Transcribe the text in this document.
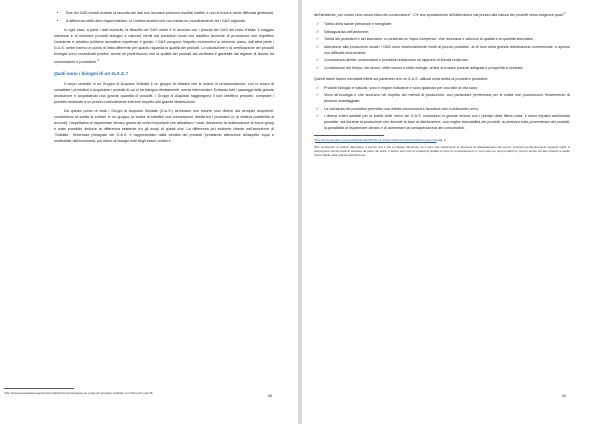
• Due dei GAS trovati durante la raccolta dei dati non lavorano più/sono risultati inattivi, e uno si trova in serie difficoltà gestionali;
• A differenza delle altre regioni italiane, in Umbria sembra che non esista un coordinamento tra i GAS regionali.

In ogni caso, a parte i dati numerici, la filosofia dei GAS umbri è in accordo con i principi dei GAS del resto d'Italia: il maggior interesse è di ricercare prodotti biologici e naturali, forniti dai produttori locali che adottino tecniche di produzione che rispettino l'ambiente e adottino politiche lavorative rispettose e giuste. I GAS pongono l'aspetto economico in secondo piano, dall'altra parte i G.A.S. umbri hanno un punto di vista differente per quanto riguarda la qualità dei prodotti. La valutazione e la certificazione dei prodotti biologici sono considerati positivi, anche se preferiscono che la qualità dei prodotti sia verificata e garantita dal legame di fiducia tra consumatore e produttore.$^1$

Quali sono i bisogni di un G.A.S.?

Il corpo centrale di un Gruppo di Acquisto Solidale è un gruppo di cittadini che si unisce in un'associazione, con lo scopo di contattare i produttori e acquistare i prodotti di cui si ha bisogno direttamente, senza intermediari. Evitando tutti i passaggi della grande produzione e acquistando una grande quantità di prodotti, i Gruppi di Acquisto raggiungono il loro obiettivo primario: comprare i prodotti necessari a un prezzo notevolmente inferiore rispetto alla grande distribuzione.

Da questo punto di vista i Gruppi di Acquisto Solidale (G.A.S.) sembrano non essere così diversi dai semplici acquirenti: condividono la scelta di entrare in un gruppo, la scelta di stabilire una connessione diretta tra i produttori (e la relativa possibilità di accordi), l'aspettativa di risparmiare denaro grazie ad ordini importanti che abbattano i costi. Attraverso la realizzazione di focus group è stato possibile dedurre la differenza esistente tra gli scopi di questi due. La differenza più evidente risiede nell'accezione di "Solidale", l'interesse principale dei G.A.S. è rappresentato dalla vendita dei prodotti "prestando attenzione all'aspetto equo e sostenibile dell'economia, più vicino ai bisogni reali degli esseri umani e

¹http://www.associazioneagostiniani.it/attachments/indagine-su-gruppi-di-acquisto-solidale-in-umbria.pdf, pag 36.
48

dell'ambiente, per creare una nuova etica del consumatore". C'è uno spostamento dell'attenzione dal prezzo alla natura dei prodotti verso esigenze quali:$^2$

✓ Tutela della salute personale e famigliare;
✓ Salvaguardia dell'ambiente;
✓ Tutela dei produttori e dei lavoratori: si consenta un "equo compenso" che riconosca e valorizzi la qualità e la quantità lavorativa;
✓ Attenzione alla produzione locale: i GAS sono essenzialmente rivolti ai piccoli produttori, ai di fuori della grande distribuzione commerciale, e spesso con difficoltà economiche;
✓ Conoscenza diretta: consumatori e produttori instaurano un rapporto di fiducia reciproca;
✓ Condivisione del tempo, del lavoro, delle risorse e delle energie, al fine di trovare prodotti adeguati e prosperità e richieste.

Questi fattori hanno inevitabili effetti sui parametri che un G.A.S. utilizza nella scelta di prodotti e produttori:

✓ Prodotti biologici e naturali, sono il miglior indicatore e sono garanzia per uno stile di vita sano;
✓ Vicini all'ecologia e che lavorano nel rispetto dei metodi di produzione, con particolare preferenza per le realtà che promuovono l'inserimento di persone svantaggiate;
✓ La vicinanza dei produttori permette una diretta conoscenza e favorisce cibo a chilometro zero;
✓ I diversi criteri adottati per la scelta delle merci dei G.A.S. coincidono in grande misura con i principi della filiera corta: il minor impatto ambientale possibile, sia durante la produzione che durante la fase di distribuzione, una miglior tracciabilità dei prodotti, la certezza sulla provenienza dei prodotti, la possibilità di risparmiare denaro e di aumentare la consapevolezza dei consumatori.
²http://www.retegas.org/upload/dl/doma/200706-16_Filiere%20corte%20e%20alternative.pdf pag. 3.
³Per rimanendo un fattore dignostico, il prezzo non è più un fattore dirimente: se è vero che solitamente le direzione di abbassamento dei prezzi, scontare pendentemente riguardo GAS, si propongono anche livelli di acquisto da parte dei GAS, è anche vero che la pretesa di qualità e il tipo di comportamento in certi casi per certi prodotti un prezzo anche più alto rispetto a quello riscontrabile nella grande distribuzione.
49
